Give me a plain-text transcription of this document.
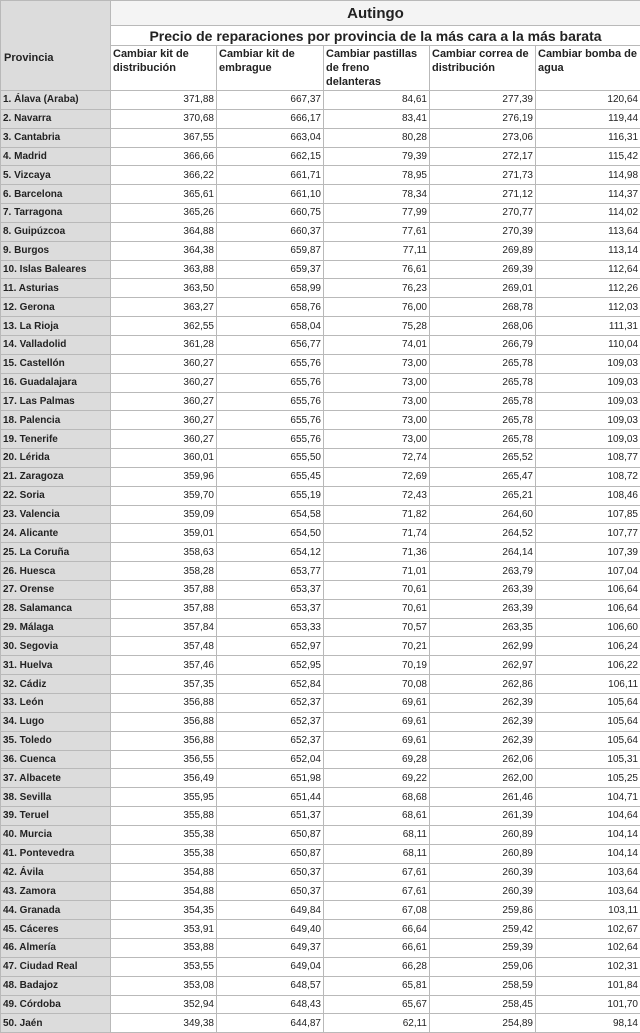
	Autingo				
Provincia	Precio de reparaciones por provincia de la más cara a la más barata				
	Cambiar kit de distribución	Cambiar kit de embrague	Cambiar pastillas de freno delanteras	Cambiar correa de distribución	Cambiar bomba de agua
1. Álava (Araba)	371,88	667,37	84,61	277,39	120,64
2. Navarra	370,68	666,17	83,41	276,19	119,44
3. Cantabria	367,55	663,04	80,28	273,06	116,31
4. Madrid	366,66	662,15	79,39	272,17	115,42
5. Vizcaya	366,22	661,71	78,95	271,73	114,98
6. Barcelona	365,61	661,10	78,34	271,12	114,37
7. Tarragona	365,26	660,75	77,99	270,77	114,02
8. Guipúzcoa	364,88	660,37	77,61	270,39	113,64
9. Burgos	364,38	659,87	77,11	269,89	113,14
10. Islas Baleares	363,88	659,37	76,61	269,39	112,64
11. Asturias	363,50	658,99	76,23	269,01	112,26
12. Gerona	363,27	658,76	76,00	268,78	112,03
13. La Rioja	362,55	658,04	75,28	268,06	111,31
14. Valladolid	361,28	656,77	74,01	266,79	110,04
15. Castellón	360,27	655,76	73,00	265,78	109,03
16. Guadalajara	360,27	655,76	73,00	265,78	109,03
17. Las Palmas	360,27	655,76	73,00	265,78	109,03
18. Palencia	360,27	655,76	73,00	265,78	109,03
19. Tenerife	360,27	655,76	73,00	265,78	109,03
20. Lérida	360,01	655,50	72,74	265,52	108,77
21. Zaragoza	359,96	655,45	72,69	265,47	108,72
22. Soria	359,70	655,19	72,43	265,21	108,46
23. Valencia	359,09	654,58	71,82	264,60	107,85
24. Alicante	359,01	654,50	71,74	264,52	107,77
25. La Coruña	358,63	654,12	71,36	264,14	107,39
26. Huesca	358,28	653,77	71,01	263,79	107,04
27. Orense	357,88	653,37	70,61	263,39	106,64
28. Salamanca	357,88	653,37	70,61	263,39	106,64
29. Málaga	357,84	653,33	70,57	263,35	106,60
30. Segovia	357,48	652,97	70,21	262,99	106,24
31. Huelva	357,46	652,95	70,19	262,97	106,22
32. Cádiz	357,35	652,84	70,08	262,86	106,11
33. León	356,88	652,37	69,61	262,39	105,64
34. Lugo	356,88	652,37	69,61	262,39	105,64
35. Toledo	356,88	652,37	69,61	262,39	105,64
36. Cuenca	356,55	652,04	69,28	262,06	105,31
37. Albacete	356,49	651,98	69,22	262,00	105,25
38. Sevilla	355,95	651,44	68,68	261,46	104,71
39. Teruel	355,88	651,37	68,61	261,39	104,64
40. Murcia	355,38	650,87	68,11	260,89	104,14
41. Pontevedra	355,38	650,87	68,11	260,89	104,14
42. Ávila	354,88	650,37	67,61	260,39	103,64
43. Zamora	354,88	650,37	67,61	260,39	103,64
44. Granada	354,35	649,84	67,08	259,86	103,11
45. Cáceres	353,91	649,40	66,64	259,42	102,67
46. Almería	353,88	649,37	66,61	259,39	102,64
47. Ciudad Real	353,55	649,04	66,28	259,06	102,31
48. Badajoz	353,08	648,57	65,81	258,59	101,84
49. Córdoba	352,94	648,43	65,67	258,45	101,70
50. Jaén	349,38	644,87	62,11	254,89	98,14
